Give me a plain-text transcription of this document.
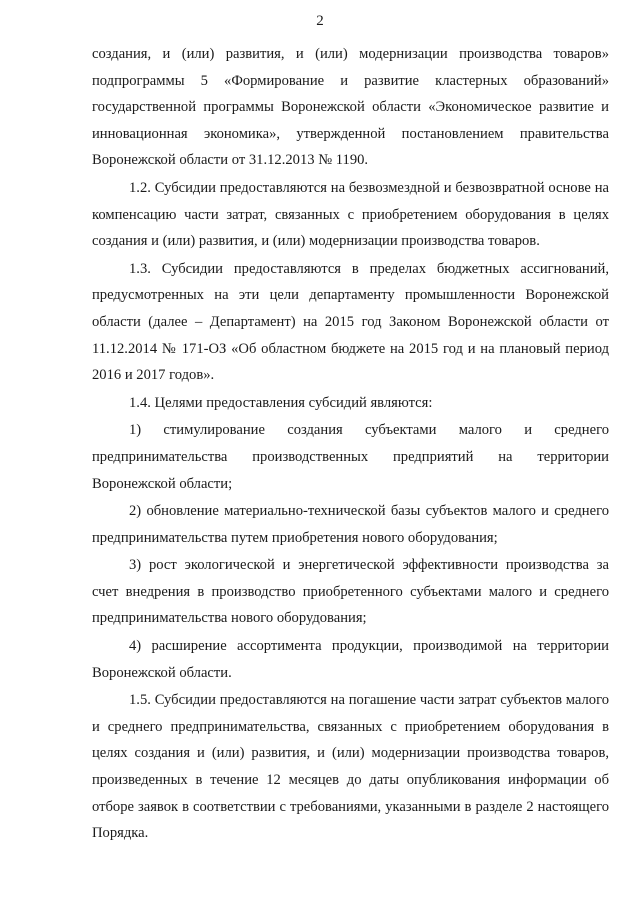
2

создания, и (или) развития, и (или) модернизации производства товаров» подпрограммы 5 «Формирование и развитие кластерных образований» государственной программы Воронежской области «Экономическое развитие и инновационная экономика», утвержденной постановлением правительства Воронежской области от 31.12.2013 № 1190.

1.2. Субсидии предоставляются на безвозмездной и безвозвратной основе на компенсацию части затрат, связанных с приобретением оборудования в целях создания и (или) развития, и (или) модернизации производства товаров.

1.3. Субсидии предоставляются в пределах бюджетных ассигнований, предусмотренных на эти цели департаменту промышленности Воронежской области (далее – Департамент) на 2015 год Законом Воронежской области от 11.12.2014 № 171-ОЗ «Об областном бюджете на 2015 год и на плановый период 2016 и 2017 годов».

1.4. Целями предоставления субсидий являются:

1) стимулирование создания субъектами малого и среднего предпринимательства производственных предприятий на территории Воронежской области;

2) обновление материально-технической базы субъектов малого и среднего предпринимательства путем приобретения нового оборудования;

3) рост экологической и энергетической эффективности производства за счет внедрения в производство приобретенного субъектами малого и среднего предпринимательства нового оборудования;

4) расширение ассортимента продукции, производимой на территории Воронежской области.

1.5. Субсидии предоставляются на погашение части затрат субъектов малого и среднего предпринимательства, связанных с приобретением оборудования в целях создания и (или) развития, и (или) модернизации производства товаров, произведенных в течение 12 месяцев до даты опубликования информации об отборе заявок в соответствии с требованиями, указанными в разделе 2 настоящего Порядка.
